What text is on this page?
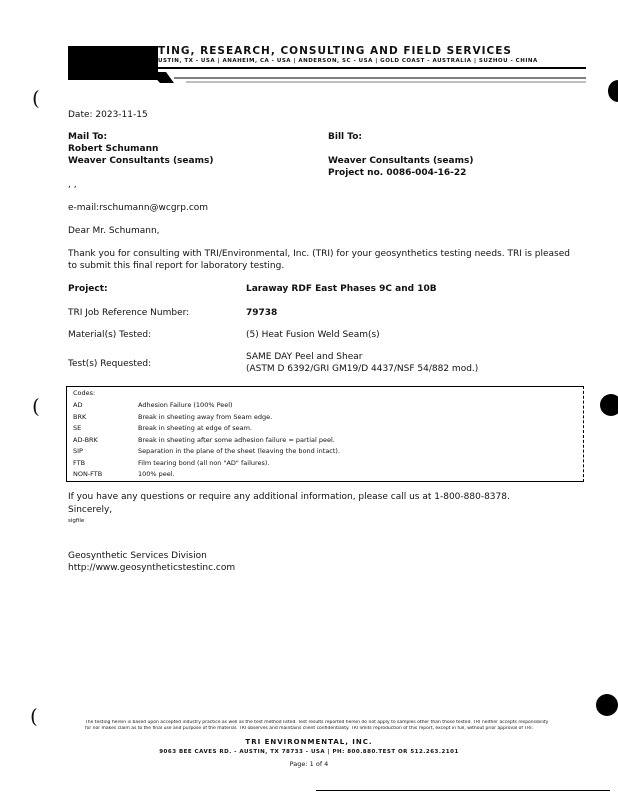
TING, RESEARCH, CONSULTING AND FIELD SERVICES
USTIN, TX - USA | ANAHEIM, CA - USA | ANDERSON, SC - USA | GOLD COAST - AUSTRALIA | SUZHOU - CHINA
(
(
(
Date: 2023-11-15
Mail To:
Robert Schumann
Weaver Consultants (seams)
, ,
e-mail:rschumann@wcgrp.com
Bill To:
Weaver Consultants (seams)
Project no. 0086-004-16-22
Dear Mr. Schumann,
Thank you for consulting with TRI/Environmental, Inc. (TRI) for your geosynthetics testing needs. TRI is pleased to submit this final report for laboratory testing.
Project:	Laraway RDF East Phases 9C and 10B
TRI Job Reference Number:	79738
Material(s) Tested:	(5) Heat Fusion Weld Seam(s)
Test(s) Requested:
SAME DAY Peel and Shear
(ASTM D 6392/GRI GM19/D 4437/NSF 54/882 mod.)
Codes:
AD	Adhesion Failure (100% Peel)
BRK	Break in sheeting away from Seam edge.
SE	Break in sheeting at edge of seam.
AD-BRK	Break in sheeting after some adhesion failure = partial peel.
SIP	Separation in the plane of the sheet (leaving the bond intact).
FTB	Film tearing bond (all non "AD" failures).
NON-FTB	100% peel.
If you have any questions or require any additional information, please call us at 1-800-880-8378.
Sincerely,
sigfile
Geosynthetic Services Division
http://www.geosyntheticstestinc.com
The testing herein is based upon accepted industry practice as well as the test method listed. Test results reported herein do not apply to samples other than those tested. TRI neither accepts responsibility
for nor makes claim as to the final use and purpose of the material. TRI observes and maintains client confidentiality. TRI limits reproduction of this report, except in full, without prior approval of TRI.
TRI ENVIRONMENTAL, INC.
9063 BEE CAVES RD. - AUSTIN, TX 78733 - USA | PH: 800.880.TEST OR 512.263.2101
Page: 1 of 4
